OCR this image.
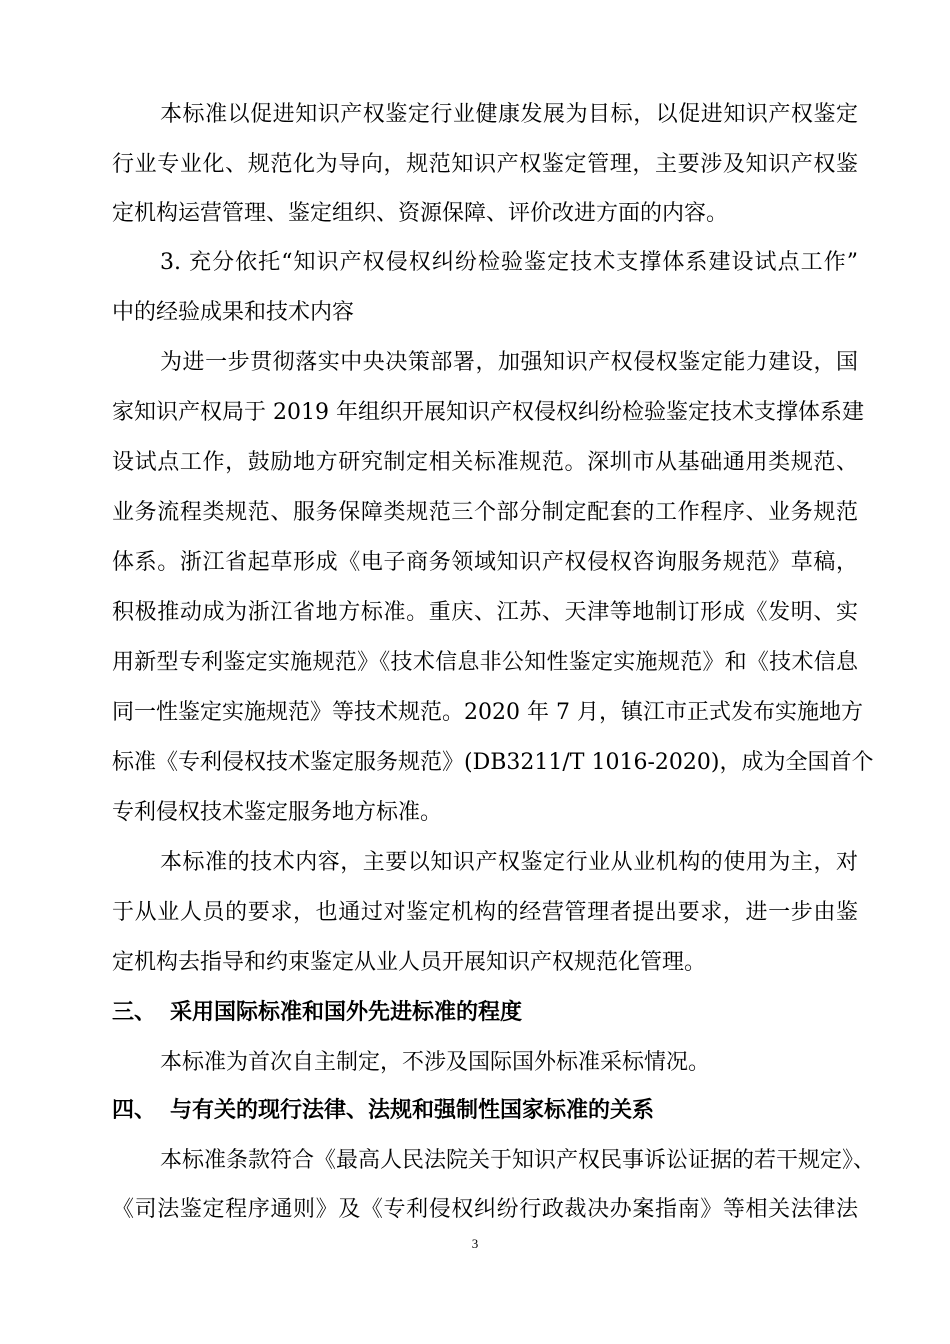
本标准以促进知识产权鉴定行业健康发展为目标，以促进知识产权鉴定
行业专业化、规范化为导向，规范知识产权鉴定管理，主要涉及知识产权鉴
定机构运营管理、鉴定组织、资源保障、评价改进方面的内容。
3. 充分依托“知识产权侵权纠纷检验鉴定技术支撑体系建设试点工作”
中的经验成果和技术内容
为进一步贯彻落实中央决策部署，加强知识产权侵权鉴定能力建设，国
家知识产权局于 2019 年组织开展知识产权侵权纠纷检验鉴定技术支撑体系建
设试点工作，鼓励地方研究制定相关标准规范。深圳市从基础通用类规范、
业务流程类规范、服务保障类规范三个部分制定配套的工作程序、业务规范
体系。浙江省起草形成《电子商务领域知识产权侵权咨询服务规范》草稿，
积极推动成为浙江省地方标准。重庆、江苏、天津等地制订形成《发明、实
用新型专利鉴定实施规范》《技术信息非公知性鉴定实施规范》和《技术信息
同一性鉴定实施规范》等技术规范。2020 年 7 月，镇江市正式发布实施地方
标准《专利侵权技术鉴定服务规范》(DB3211/T 1016-2020)，成为全国首个
专利侵权技术鉴定服务地方标准。
本标准的技术内容，主要以知识产权鉴定行业从业机构的使用为主，对
于从业人员的要求，也通过对鉴定机构的经营管理者提出要求，进一步由鉴
定机构去指导和约束鉴定从业人员开展知识产权规范化管理。
三、 采用国际标准和国外先进标准的程度
本标准为首次自主制定，不涉及国际国外标准采标情况。
四、 与有关的现行法律、法规和强制性国家标准的关系
本标准条款符合《最高人民法院关于知识产权民事诉讼证据的若干规定》、
《司法鉴定程序通则》及《专利侵权纠纷行政裁决办案指南》等相关法律法
3
